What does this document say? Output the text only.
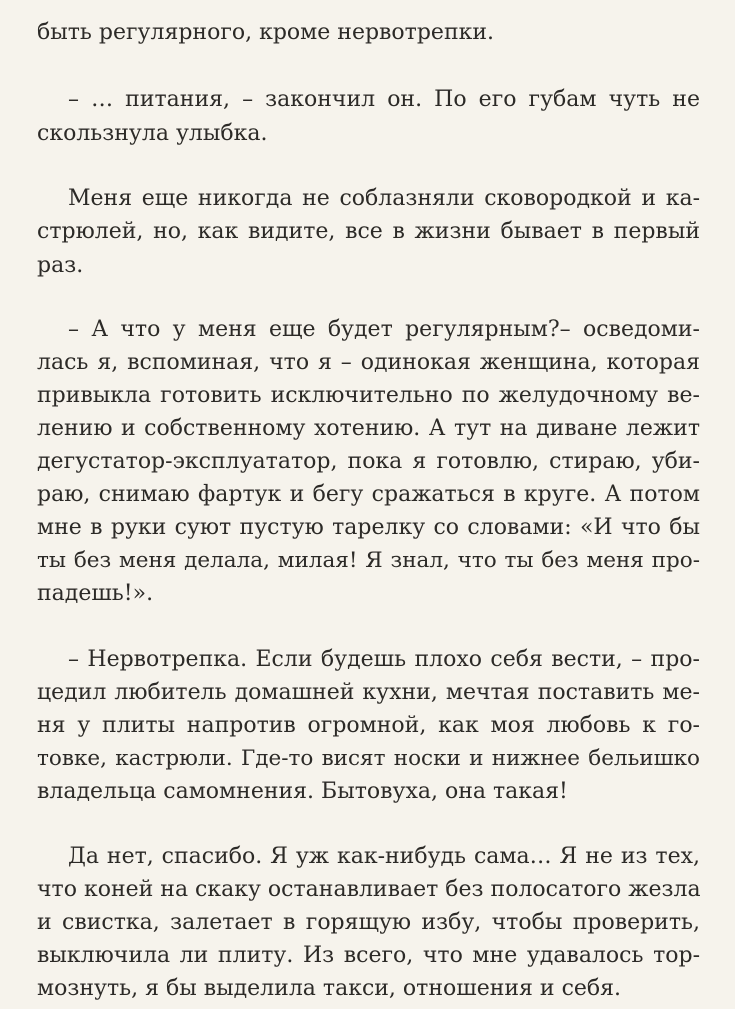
быть регулярного, кроме нервотрепки.
– … питания, – закончил он. По его губам чуть не
скользнула улыбка.
Меня еще никогда не соблазняли сковородкой и ка-
стрюлей, но, как видите, все в жизни бывает в первый
раз.
– А что у меня еще будет регулярным?– осведоми-
лась я, вспоминая, что я – одинокая женщина, которая
привыкла готовить исключительно по желудочному ве-
лению и собственному хотению. А тут на диване лежит
дегустатор-эксплуататор, пока я готовлю, стираю, уби-
раю, снимаю фартук и бегу сражаться в круге. А потом
мне в руки суют пустую тарелку со словами: «И что бы
ты без меня делала, милая! Я знал, что ты без меня про-
падешь!».
– Нервотрепка. Если будешь плохо себя вести, – про-
цедил любитель домашней кухни, мечтая поставить ме-
ня у плиты напротив огромной, как моя любовь к го-
товке, кастрюли. Где-то висят носки и нижнее бельишко
владельца самомнения. Бытовуха, она такая!
Да нет, спасибо. Я уж как-нибудь сама… Я не из тех,
что коней на скаку останавливает без полосатого жезла
и свистка, залетает в горящую избу, чтобы проверить,
выключила ли плиту. Из всего, что мне удавалось тор-
мознуть, я бы выделила такси, отношения и себя.
